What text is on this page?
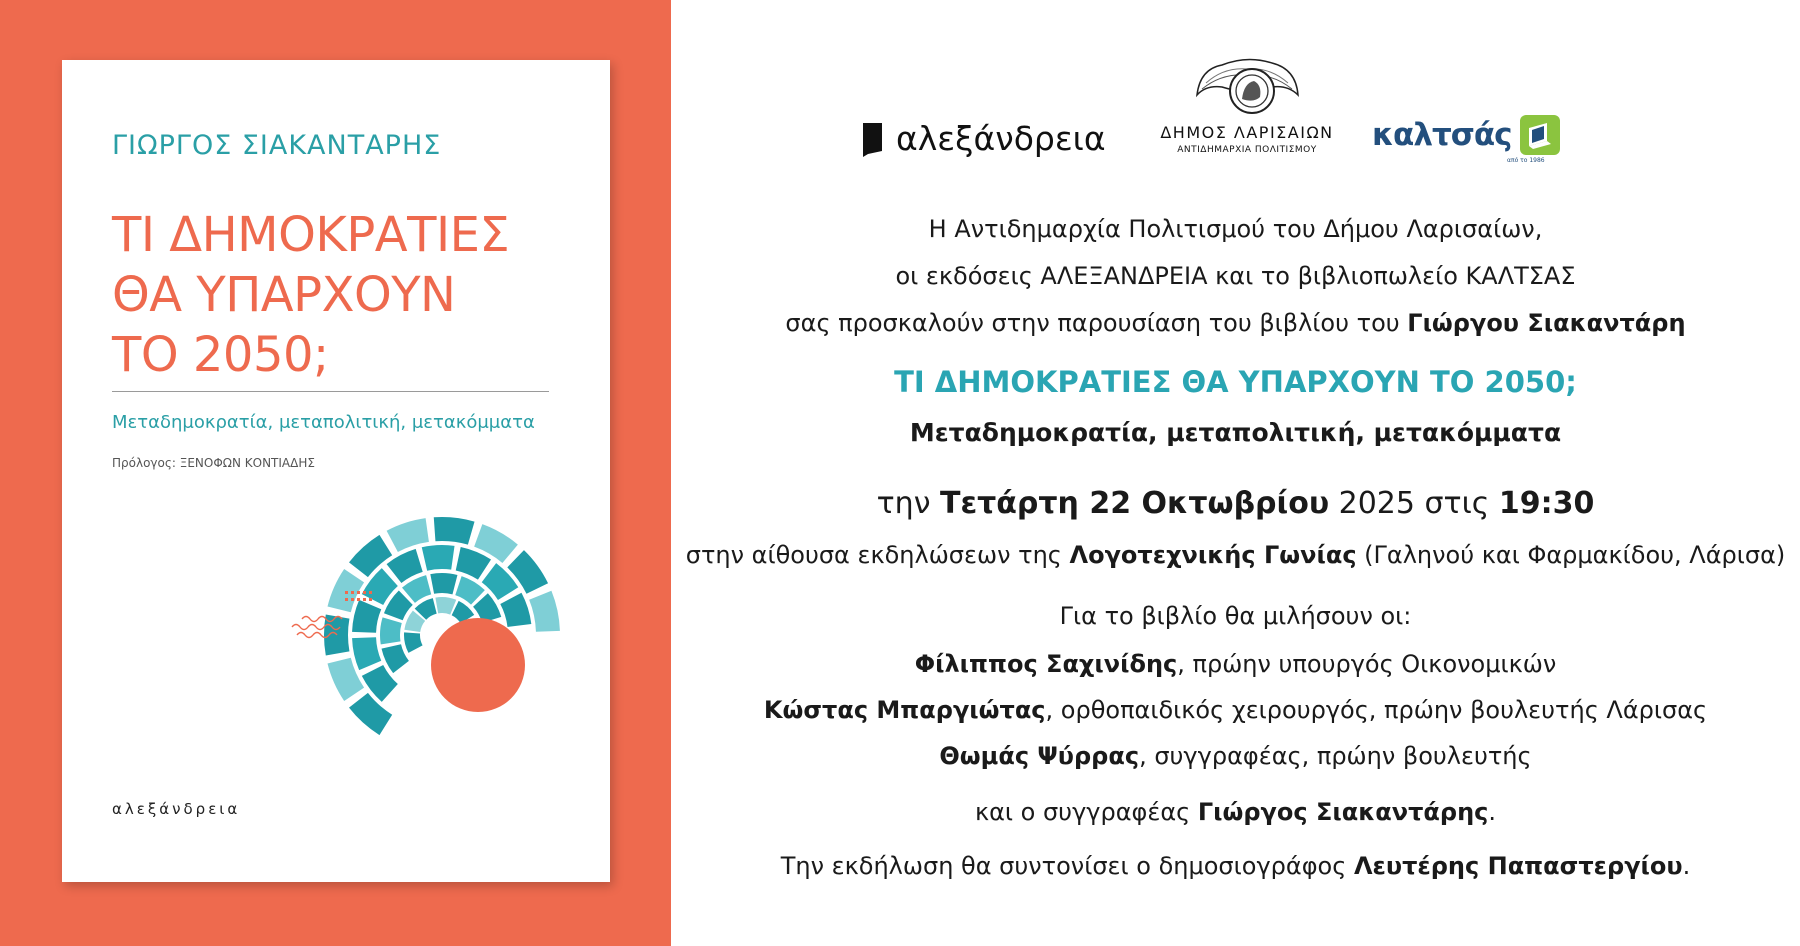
ΓΙΩΡΓΟΣ ΣΙΑΚΑΝΤΑΡΗΣ
ΤΙ ΔΗΜΟΚΡΑΤΙΕΣ
ΘΑ ΥΠΑΡΧΟΥΝ
ΤΟ 2050;
Μεταδημοκρατία, μεταπολιτική, μετακόμματα
Πρόλογος: ΞΕΝΟΦΩΝ ΚΟΝΤΙΑΔΗΣ
αλεξάνδρεια
αλεξάνδρεια	ΔΗΜΟΣ ΛΑΡΙΣΑΙΩΝ
ΑΝΤΙΔΗΜΑΡΧΙΑ ΠΟΛΙΤΙΣΜΟΥ	καλτσάς
από το 1986
Η Αντιδημαρχία Πολιτισμού του Δήμου Λαρισαίων,
οι εκδόσεις ΑΛΕΞΑΝΔΡΕΙΑ και το βιβλιοπωλείο ΚΑΛΤΣΑΣ
σας προσκαλούν στην παρουσίαση του βιβλίου του Γιώργου Σιακαντάρη
ΤΙ ΔΗΜΟΚΡΑΤΙΕΣ ΘΑ ΥΠΑΡΧΟΥΝ ΤΟ 2050;
Μεταδημοκρατία, μεταπολιτική, μετακόμματα
την Τετάρτη 22 Οκτωβρίου 2025 στις 19:30
στην αίθουσα εκδηλώσεων της Λογοτεχνικής Γωνίας (Γαληνού και Φαρμακίδου, Λάρισα)
Για το βιβλίο θα μιλήσουν οι:
Φίλιππος Σαχινίδης, πρώην υπουργός Οικονομικών
Κώστας Μπαργιώτας, ορθοπαιδικός χειρουργός, πρώην βουλευτής Λάρισας
Θωμάς Ψύρρας, συγγραφέας, πρώην βουλευτής
και ο συγγραφέας Γιώργος Σιακαντάρης.
Την εκδήλωση θα συντονίσει ο δημοσιογράφος Λευτέρης Παπαστεργίου.
